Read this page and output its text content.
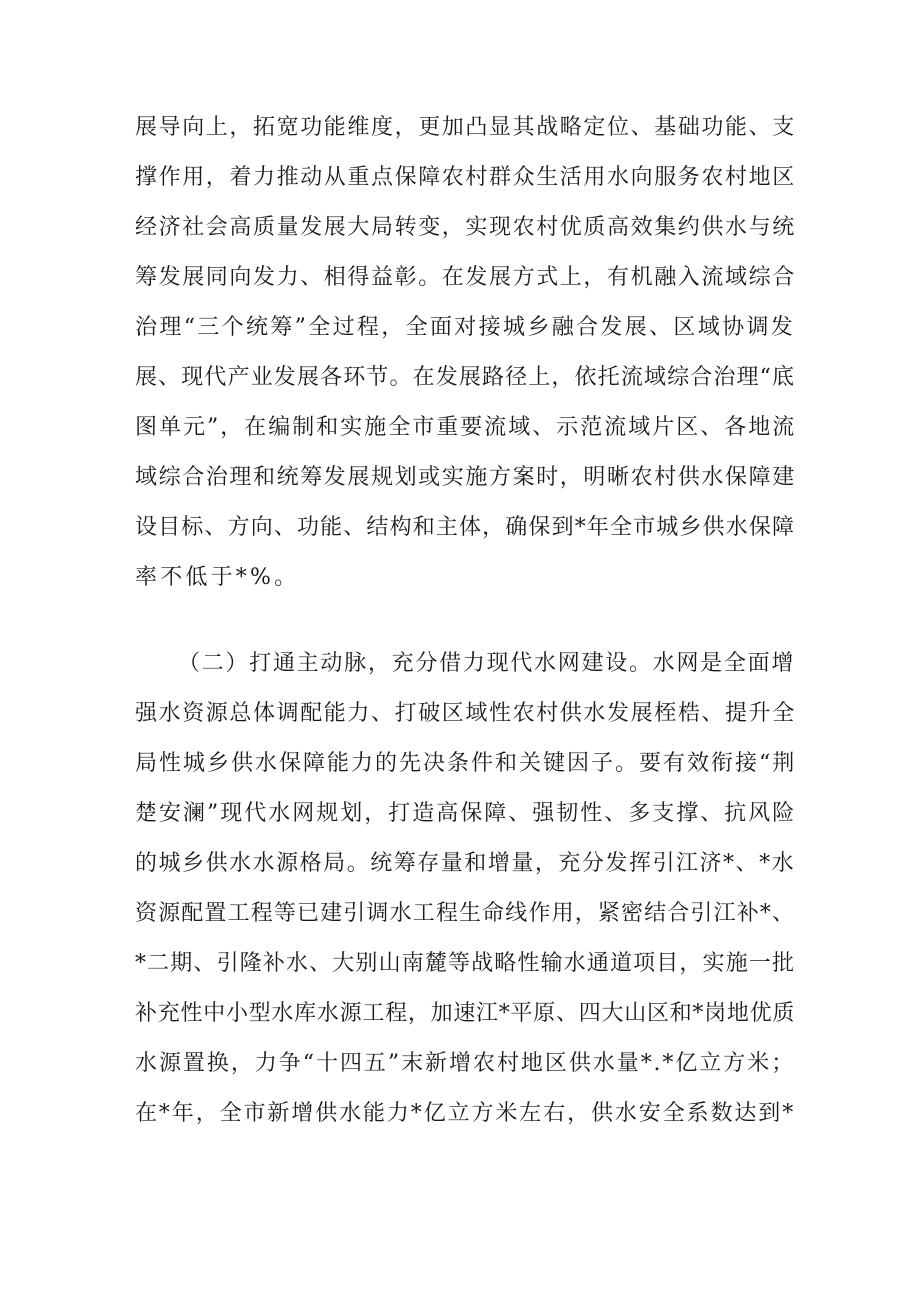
展导向上，拓宽功能维度，更加凸显其战略定位、基础功能、支
撑作用，着力推动从重点保障农村群众生活用水向服务农村地区
经济社会高质量发展大局转变，实现农村优质高效集约供水与统
筹发展同向发力、相得益彰。在发展方式上，有机融入流域综合
治理“三个统筹”全过程，全面对接城乡融合发展、区域协调发
展、现代产业发展各环节。在发展路径上，依托流域综合治理“底
图单元”，在编制和实施全市重要流域、示范流域片区、各地流
域综合治理和统筹发展规划或实施方案时，明晰农村供水保障建
设目标、方向、功能、结构和主体，确保到*年全市城乡供水保障
率不低于*%。
（二）打通主动脉，充分借力现代水网建设。水网是全面增
强水资源总体调配能力、打破区域性农村供水发展桎梏、提升全
局性城乡供水保障能力的先决条件和关键因子。要有效衔接“荆
楚安澜”现代水网规划，打造高保障、强韧性、多支撑、抗风险
的城乡供水水源格局。统筹存量和增量，充分发挥引江济*、*水
资源配置工程等已建引调水工程生命线作用，紧密结合引江补*、
*二期、引隆补水、大别山南麓等战略性输水通道项目，实施一批
补充性中小型水库水源工程，加速江*平原、四大山区和*岗地优质
水源置换，力争“十四五”末新增农村地区供水量*.*亿立方米；
在*年，全市新增供水能力*亿立方米左右，供水安全系数达到*
